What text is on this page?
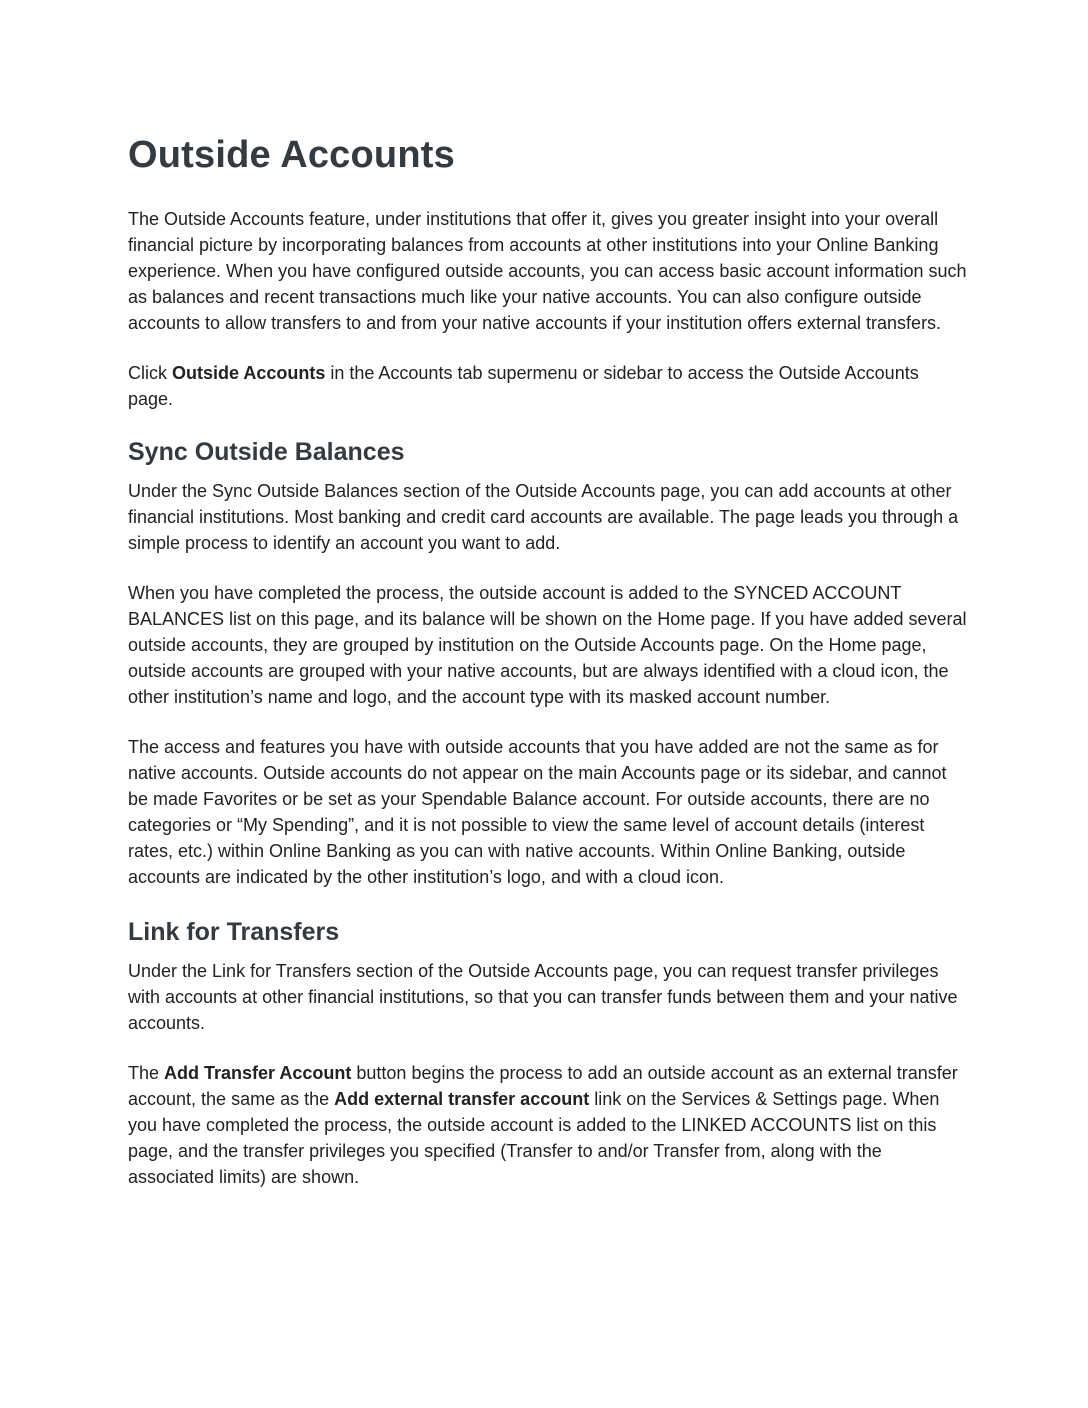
Outside Accounts

The Outside Accounts feature, under institutions that offer it, gives you greater insight into your overall financial picture by incorporating balances from accounts at other institutions into your Online Banking experience. When you have configured outside accounts, you can access basic account information such as balances and recent transactions much like your native accounts. You can also configure outside accounts to allow transfers to and from your native accounts if your institution offers external transfers.

Click Outside Accounts in the Accounts tab supermenu or sidebar to access the Outside Accounts page.

Sync Outside Balances

Under the Sync Outside Balances section of the Outside Accounts page, you can add accounts at other financial institutions. Most banking and credit card accounts are available. The page leads you through a simple process to identify an account you want to add.

When you have completed the process, the outside account is added to the SYNCED ACCOUNT BALANCES list on this page, and its balance will be shown on the Home page. If you have added several outside accounts, they are grouped by institution on the Outside Accounts page. On the Home page, outside accounts are grouped with your native accounts, but are always identified with a cloud icon, the other institution’s name and logo, and the account type with its masked account number.

The access and features you have with outside accounts that you have added are not the same as for native accounts. Outside accounts do not appear on the main Accounts page or its sidebar, and cannot be made Favorites or be set as your Spendable Balance account. For outside accounts, there are no categories or “My Spending”, and it is not possible to view the same level of account details (interest rates, etc.) within Online Banking as you can with native accounts. Within Online Banking, outside accounts are indicated by the other institution’s logo, and with a cloud icon.

Link for Transfers

Under the Link for Transfers section of the Outside Accounts page, you can request transfer privileges with accounts at other financial institutions, so that you can transfer funds between them and your native accounts.

The Add Transfer Account button begins the process to add an outside account as an external transfer account, the same as the Add external transfer account link on the Services & Settings page. When you have completed the process, the outside account is added to the LINKED ACCOUNTS list on this page, and the transfer privileges you specified (Transfer to and/or Transfer from, along with the associated limits) are shown.
